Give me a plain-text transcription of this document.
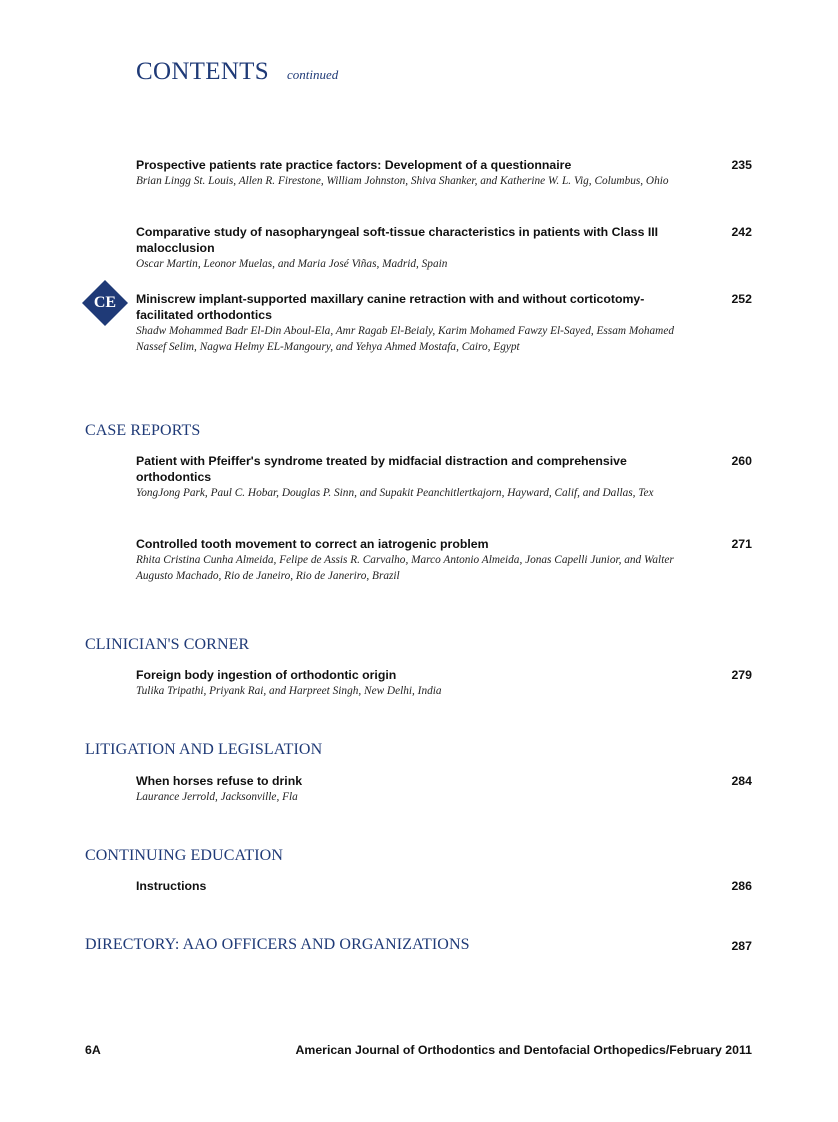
CONTENTS continued
Prospective patients rate practice factors: Development of a questionnaire
Brian Lingg St. Louis, Allen R. Firestone, William Johnston, Shiva Shanker, and Katherine W. L. Vig, Columbus, Ohio
235
Comparative study of nasopharyngeal soft-tissue characteristics in patients with Class III malocclusion
Oscar Martin, Leonor Muelas, and Maria José Viñas, Madrid, Spain
242
CE Miniscrew implant-supported maxillary canine retraction with and without corticotomy-facilitated orthodontics
Shadw Mohammed Badr El-Din Aboul-Ela, Amr Ragab El-Beialy, Karim Mohamed Fawzy El-Sayed, Essam Mohamed Nassef Selim, Nagwa Helmy EL-Mangoury, and Yehya Ahmed Mostafa, Cairo, Egypt
252
CASE REPORTS
Patient with Pfeiffer's syndrome treated by midfacial distraction and comprehensive orthodontics
YongJong Park, Paul C. Hobar, Douglas P. Sinn, and Supakit Peanchitlertkajorn, Hayward, Calif, and Dallas, Tex
260
Controlled tooth movement to correct an iatrogenic problem
Rhita Cristina Cunha Almeida, Felipe de Assis R. Carvalho, Marco Antonio Almeida, Jonas Capelli Junior, and Walter Augusto Machado, Rio de Janeiro, Rio de Janeriro, Brazil
271
CLINICIAN'S CORNER
Foreign body ingestion of orthodontic origin
Tulika Tripathi, Priyank Rai, and Harpreet Singh, New Delhi, India
279
LITIGATION AND LEGISLATION
When horses refuse to drink
Laurance Jerrold, Jacksonville, Fla
284
CONTINUING EDUCATION
Instructions	286
DIRECTORY: AAO OFFICERS AND ORGANIZATIONS	287
6A	American Journal of Orthodontics and Dentofacial Orthopedics/February 2011
